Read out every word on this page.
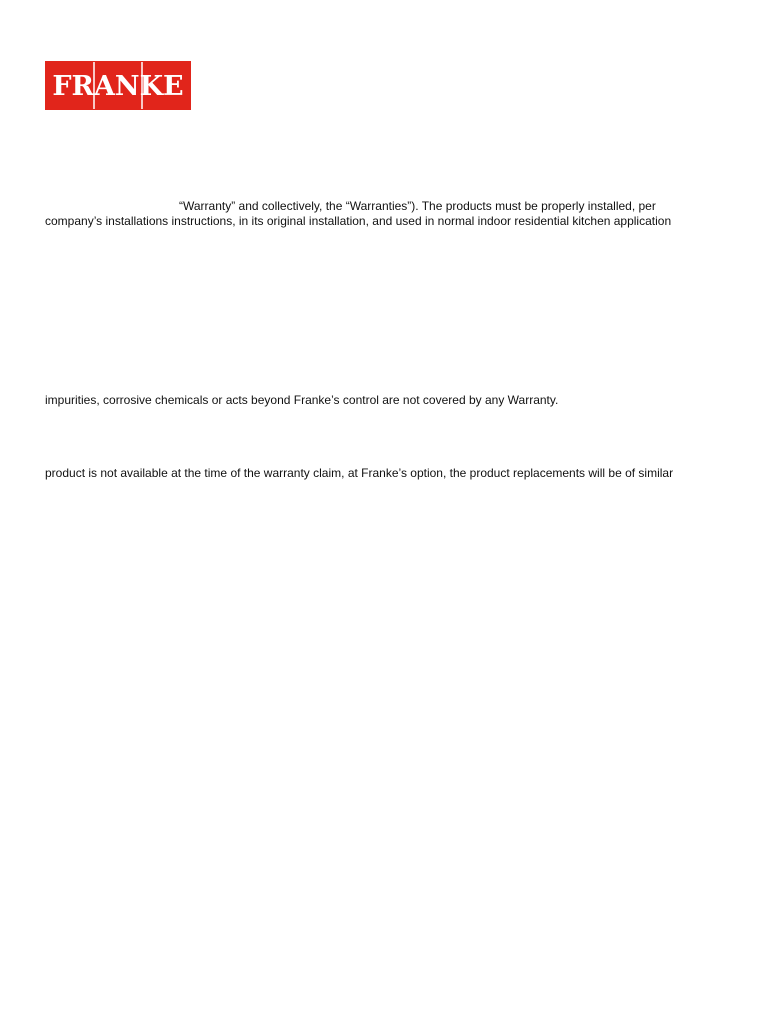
FRANKE
“Warranty” and collectively, the “Warranties”). The products must be properly installed, per
company’s installations instructions, in its original installation, and used in normal indoor residential kitchen application
impurities, corrosive chemicals or acts beyond Franke’s control are not covered by any Warranty.
product is not available at the time of the warranty claim, at Franke’s option, the product replacements will be of similar
